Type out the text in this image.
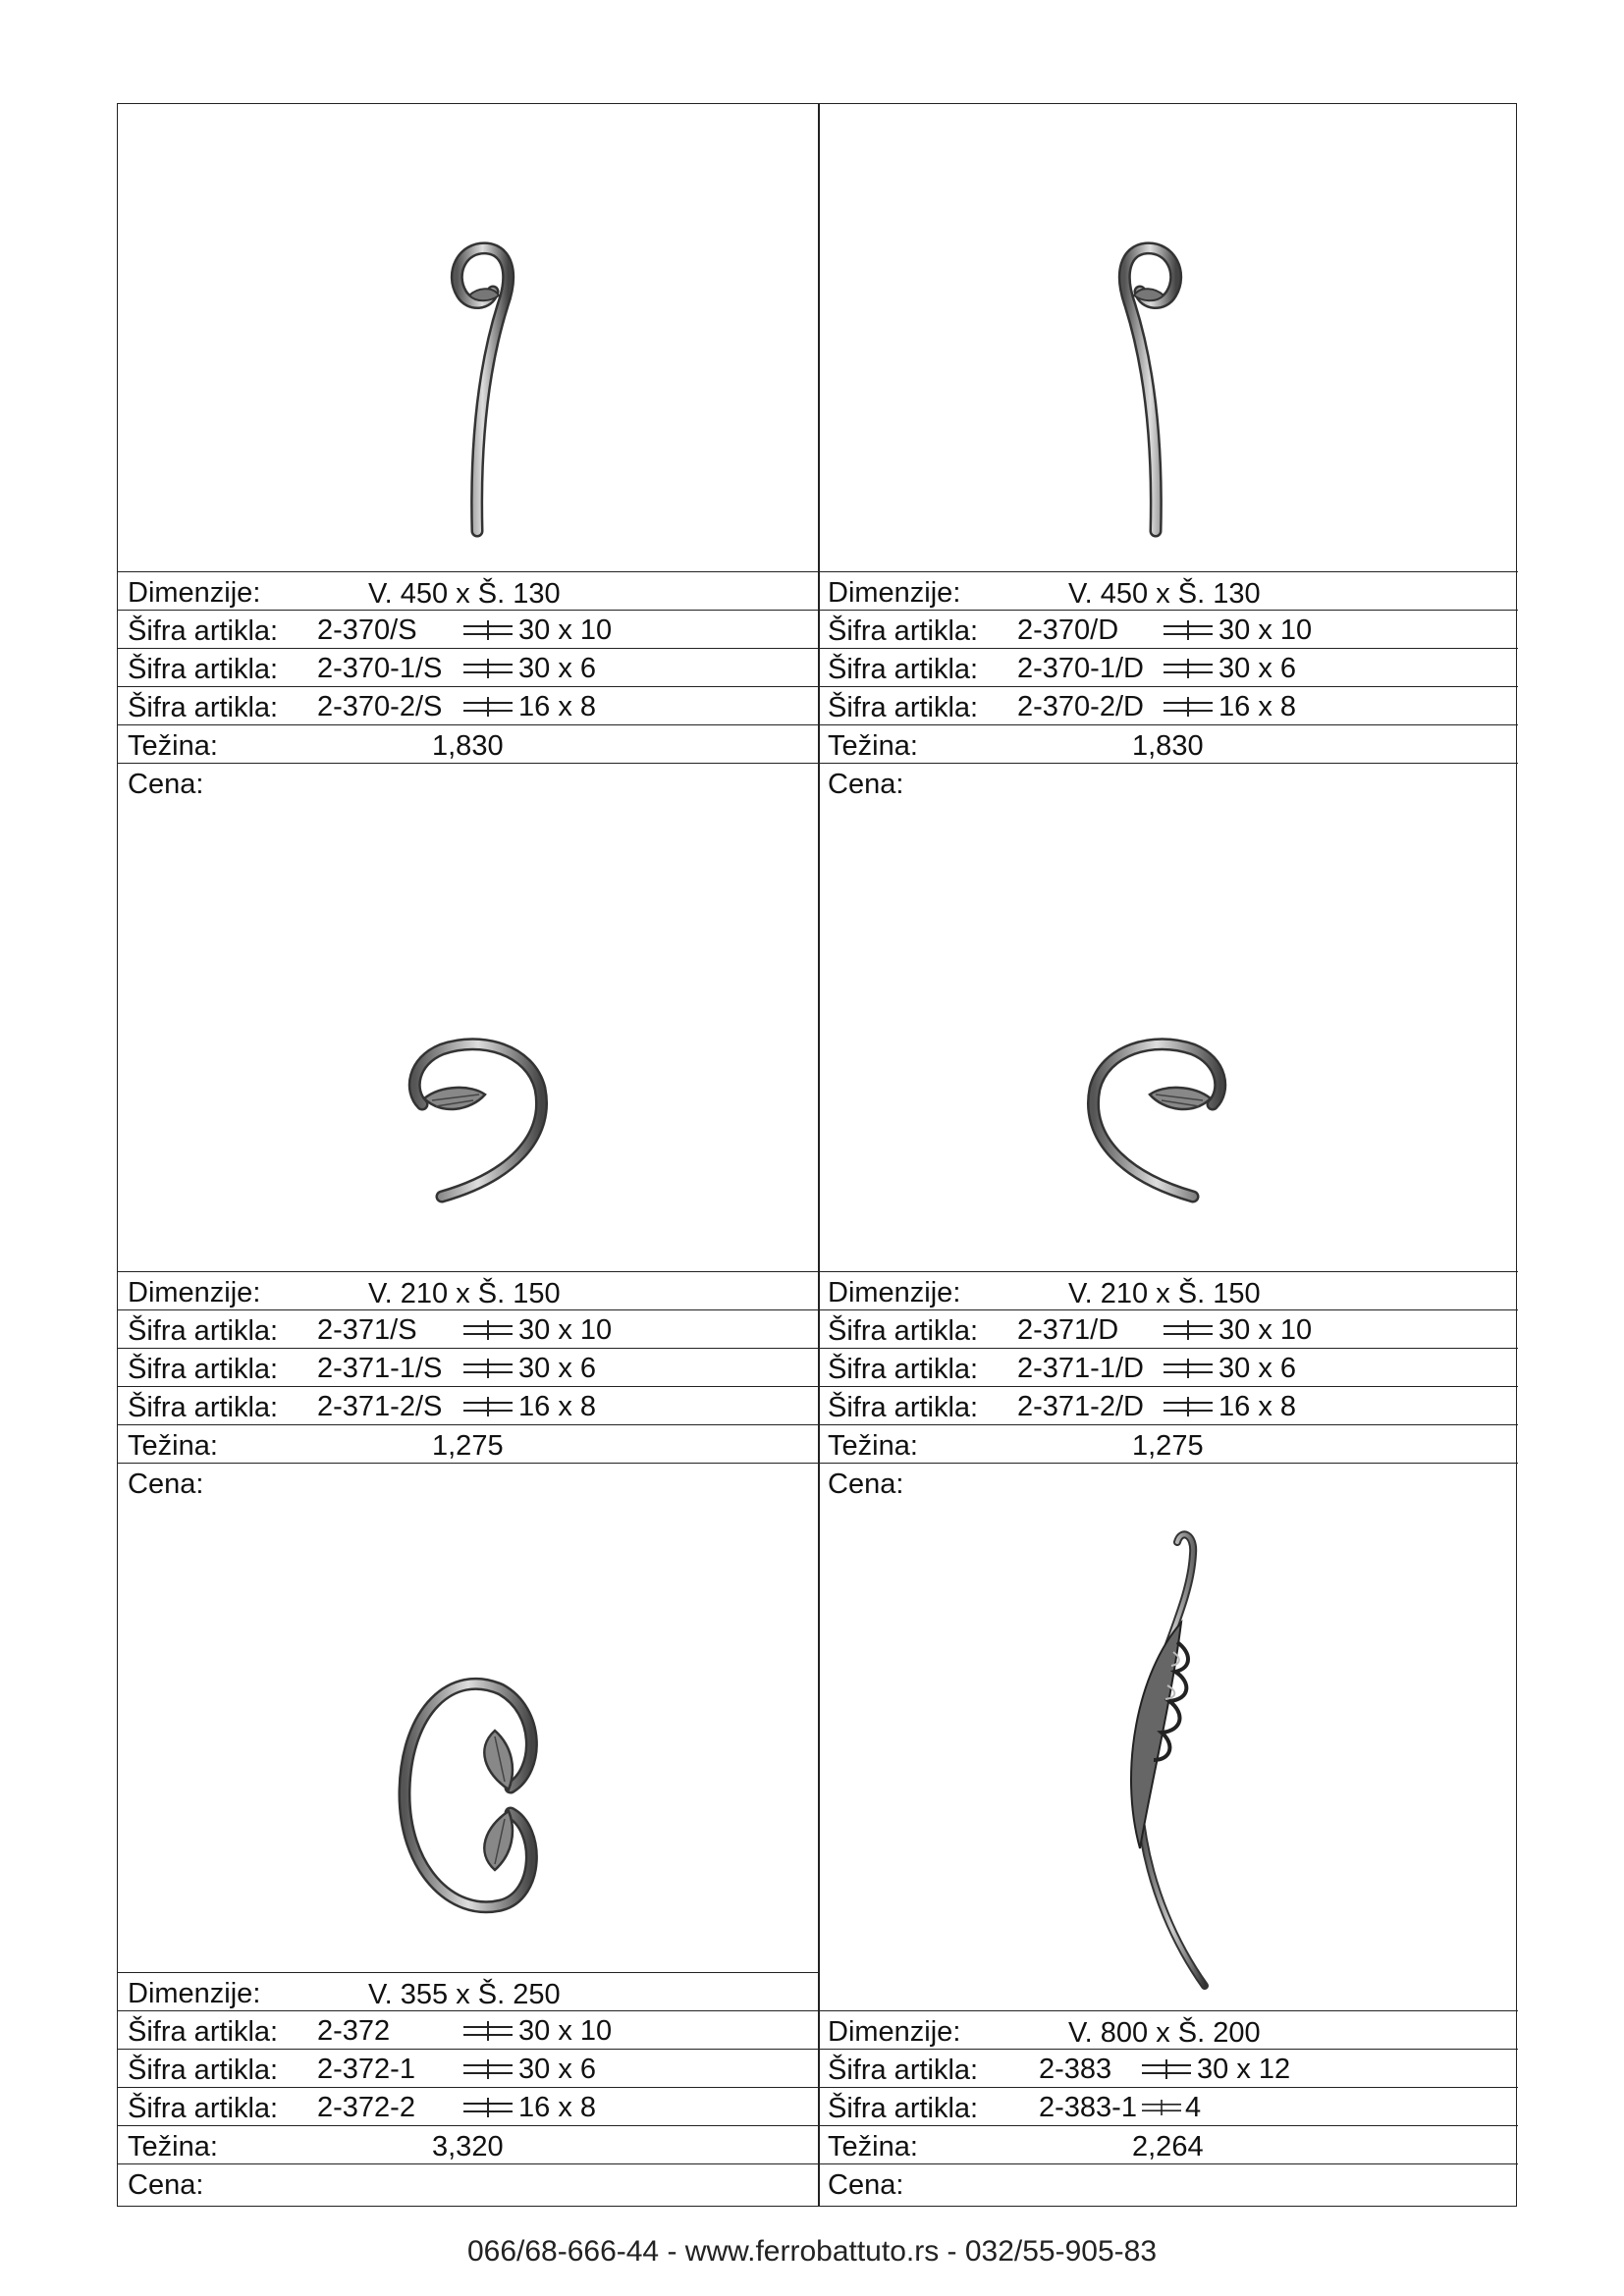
Dimenzije:	V. 450 x Š. 130
Šifra artikla: 2-370/S	30 x 10
Šifra artikla: 2-370-1/S	30 x 6
Šifra artikla: 2-370-2/S	16 x 8
Težina:	1,830
Cena:
Dimenzije:	V. 450 x Š. 130
Šifra artikla: 2-370/D	30 x 10
Šifra artikla: 2-370-1/D	30 x 6
Šifra artikla: 2-370-2/D	16 x 8
Težina:	1,830
Cena:
Dimenzije:	V. 210 x Š. 150
Šifra artikla: 2-371/S	30 x 10
Šifra artikla: 2-371-1/S	30 x 6
Šifra artikla: 2-371-2/S	16 x 8
Težina:	1,275
Cena:
Dimenzije:	V. 210 x Š. 150
Šifra artikla: 2-371/D	30 x 10
Šifra artikla: 2-371-1/D	30 x 6
Šifra artikla: 2-371-2/D	16 x 8
Težina:	1,275
Cena:
Dimenzije:	V. 355 x Š. 250
Šifra artikla: 2-372	30 x 10
Šifra artikla: 2-372-1	30 x 6
Šifra artikla: 2-372-2	16 x 8
Težina:	3,320
Cena:
Dimenzije:	V. 800 x Š. 200
Šifra artikla: 2-383	30 x 12
Šifra artikla: 2-383-1 4
Težina:	2,264
Cena:
066/68-666-44 - www.ferrobattuto.rs - 032/55-905-83
